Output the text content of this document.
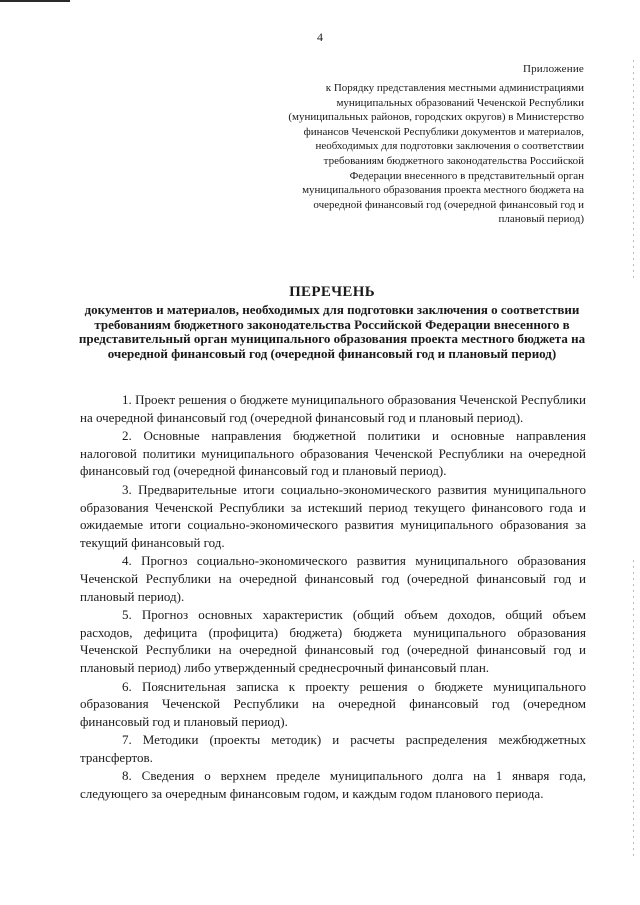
4
Приложение
к Порядку представления местными администрациями муниципальных образований Чеченской Республики (муниципальных районов, городских округов) в Министерство финансов Чеченской Республики документов и материалов, необходимых для подготовки заключения о соответствии требованиям бюджетного законодательства Российской Федерации внесенного в представительный орган муниципального образования проекта местного бюджета на очередной финансовый год (очередной финансовый год и плановый период)
ПЕРЕЧЕНЬ
документов и материалов, необходимых для подготовки заключения о соответствии требованиям бюджетного законодательства Российской Федерации внесенного в представительный орган муниципального образования проекта местного бюджета на очередной финансовый год (очередной финансовый год и плановый период)

1. Проект решения о бюджете муниципального образования Чеченской Республики на очередной финансовый год (очередной финансовый год и плановый период).

2. Основные направления бюджетной политики и основные направления налоговой политики муниципального образования Чеченской Республики на очередной финансовый год (очередной финансовый год и плановый период).

3. Предварительные итоги социально-экономического развития муниципального образования Чеченской Республики за истекший период текущего финансового года и ожидаемые итоги социально-экономического развития муниципального образования за текущий финансовый год.

4. Прогноз социально-экономического развития муниципального образования Чеченской Республики на очередной финансовый год (очередной финансовый год и плановый период).

5. Прогноз основных характеристик (общий объем доходов, общий объем расходов, дефицита (профицита) бюджета) бюджета муниципального образования Чеченской Республики на очередной финансовый год (очередной финансовый год и плановый период) либо утвержденный среднесрочный финансовый план.

6. Пояснительная записка к проекту решения о бюджете муниципального образования Чеченской Республики на очередной финансовый год (очередном финансовый год и плановый период).

7. Методики (проекты методик) и расчеты распределения межбюджетных трансфертов.

8. Сведения о верхнем пределе муниципального долга на 1 января года, следующего за очередным финансовым годом, и каждым годом планового периода.
